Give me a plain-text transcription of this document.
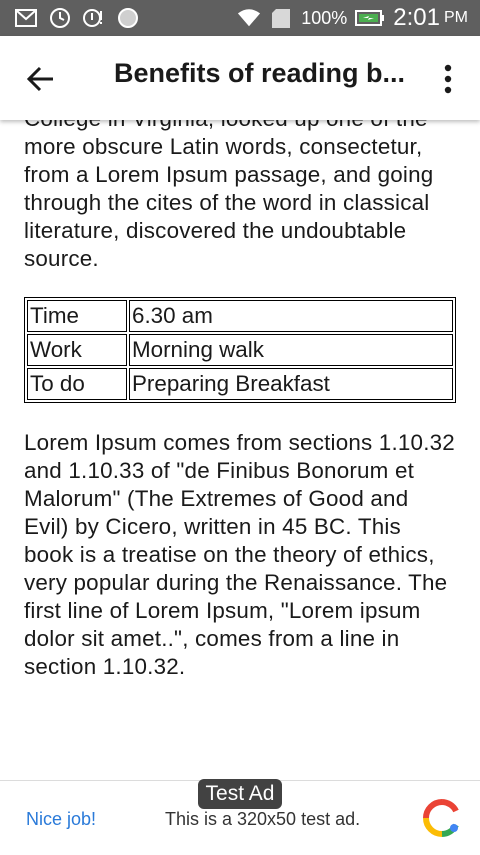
100% 2:01 PM
Benefits of reading b...

more obscure Latin words, consectetur, from a Lorem Ipsum passage, and going through the cites of the word in classical literature, discovered the undoubtable source.

Time	6.30 am
Work	Morning walk
To do	Preparing Breakfast

Lorem Ipsum comes from sections 1.10.32 and 1.10.33 of "de Finibus Bonorum et Malorum" (The Extremes of Good and Evil) by Cicero, written in 45 BC. This book is a treatise on the theory of ethics, very popular during the Renaissance. The first line of Lorem Ipsum, "Lorem ipsum dolor sit amet..", comes from a line in section 1.10.32.

Test Ad
Nice job!	This is a 320x50 test ad.
